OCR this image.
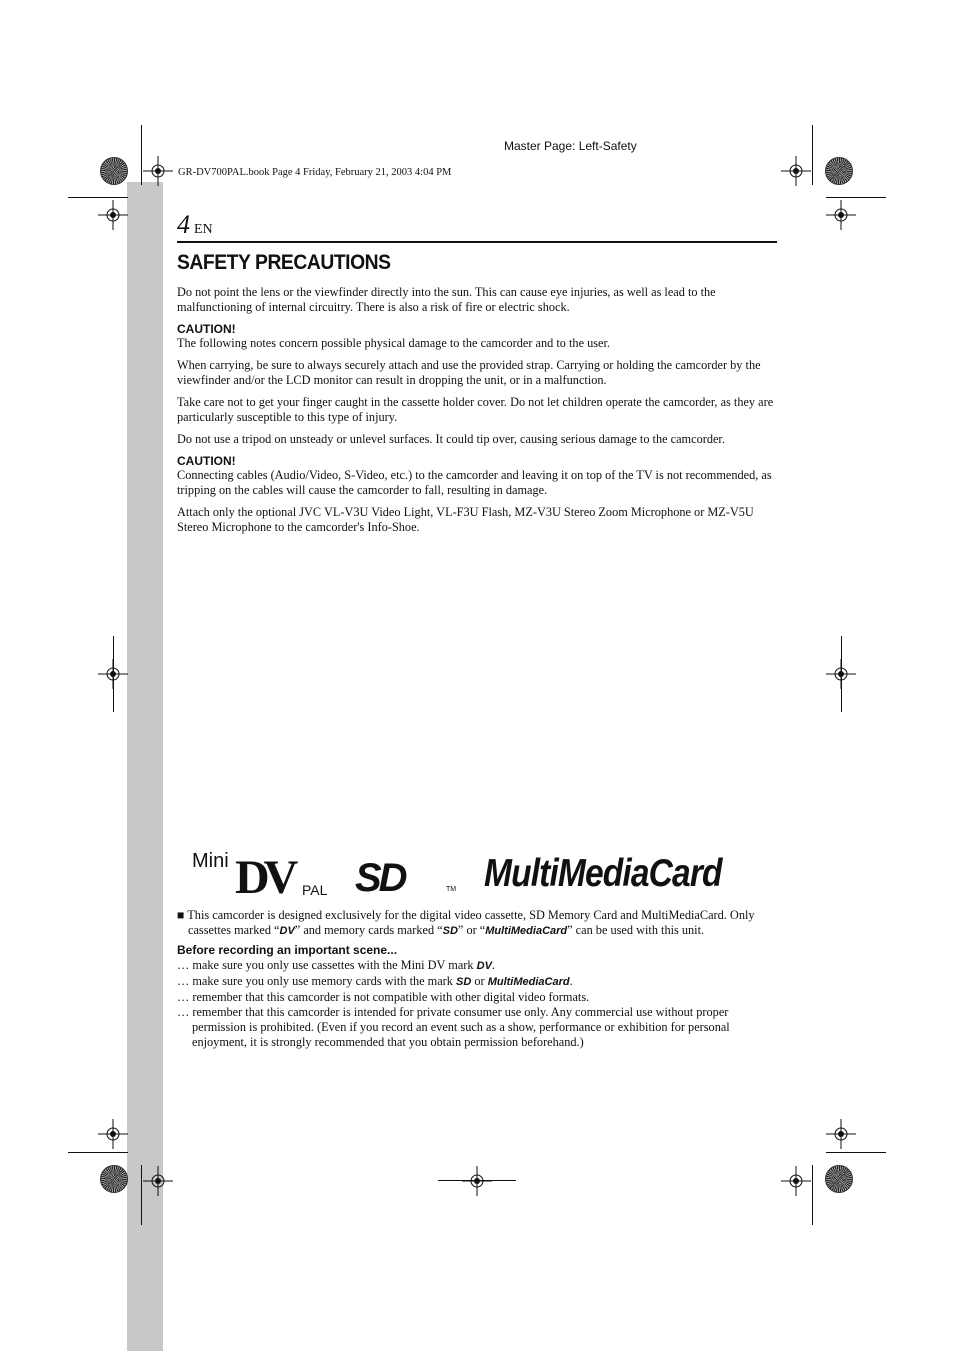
Master Page: Left-Safety
GR-DV700PAL.book Page 4 Friday, February 21, 2003 4:04 PM
4 EN
SAFETY PRECAUTIONS

Do not point the lens or the viewfinder directly into the sun. This can cause eye injuries, as well as lead to the malfunctioning of internal circuitry. There is also a risk of fire or electric shock.

CAUTION!

The following notes concern possible physical damage to the camcorder and to the user.

When carrying, be sure to always securely attach and use the provided strap. Carrying or holding the camcorder by the viewfinder and/or the LCD monitor can result in dropping the unit, or in a malfunction.

Take care not to get your finger caught in the cassette holder cover. Do not let children operate the camcorder, as they are particularly susceptible to this type of injury.

Do not use a tripod on unsteady or unlevel surfaces. It could tip over, causing serious damage to the camcorder.

CAUTION!

Connecting cables (Audio/Video, S-Video, etc.) to the camcorder and leaving it on top of the TV is not recommended, as tripping on the cables will cause the camcorder to fall, resulting in damage.

Attach only the optional JVC VL-V3U Video Light, VL-F3U Flash, MZ-V3U Stereo Zoom Microphone or MZ-V5U Stereo Microphone to the camcorder's Info-Shoe.

Mini DV PAL SD	TM MultiMediaCard

■ This camcorder is designed exclusively for the digital video cassette, SD Memory Card and MultiMediaCard. Only cassettes marked “DV” and memory cards marked “SD” or “MultiMediaCard” can be used with this unit.

Before recording an important scene...

… make sure you only use cassettes with the Mini DV mark DV.

… make sure you only use memory cards with the mark SD or MultiMediaCard.

… remember that this camcorder is not compatible with other digital video formats.

… remember that this camcorder is intended for private consumer use only. Any commercial use without proper permission is prohibited. (Even if you record an event such as a show, performance or exhibition for personal enjoyment, it is strongly recommended that you obtain permission beforehand.)
